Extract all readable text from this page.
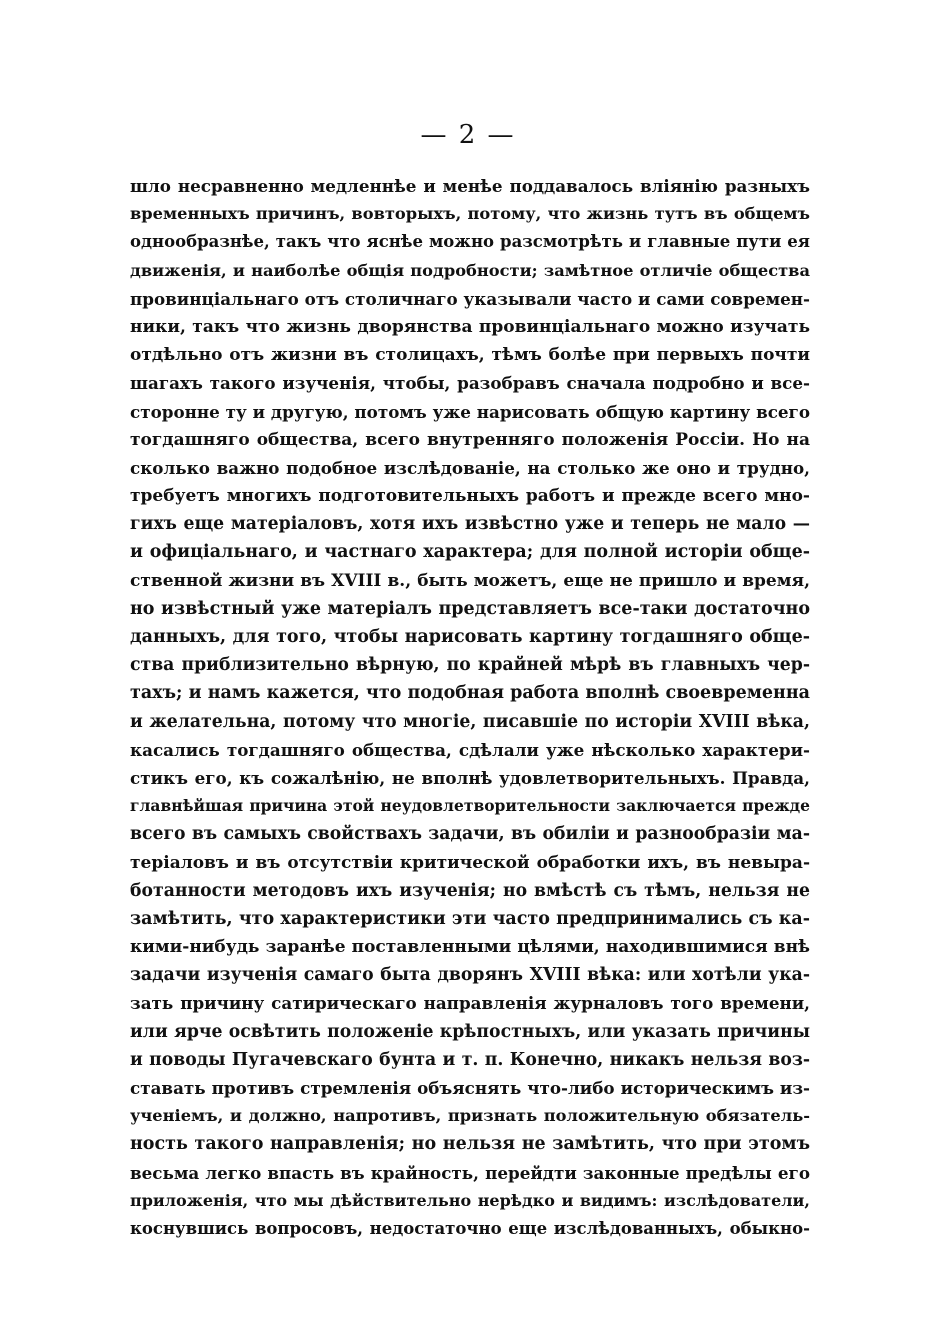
— 2 —
шло несравненно медленнѣе и менѣе поддавалось вліянію разныхъ
временныхъ причинъ, вовторыхъ, потому, что жизнь тутъ въ общемъ
однообразнѣе, такъ что яснѣе можно разсмотрѣть и главные пути ея
движенія, и наиболѣе общія подробности; замѣтное отличіе общества
провинціальнаго отъ столичнаго указывали часто и сами современ-
ники, такъ что жизнь дворянства провинціальнаго можно изучать
отдѣльно отъ жизни въ столицахъ, тѣмъ болѣе при первыхъ почти
шагахъ такого изученія, чтобы, разобравъ сначала подробно и все-
сторонне ту и другую, потомъ уже нарисовать общую картину всего
тогдашняго общества, всего внутренняго положенія Россіи. Но на
сколько важно подобное изслѣдованіе, на столько же оно и трудно,
требуетъ многихъ подготовительныхъ работъ и прежде всего мно-
гихъ еще матеріаловъ, хотя ихъ извѣстно уже и теперь не мало —
и офиціальнаго, и частнаго характера; для полной исторіи обще-
ственной жизни въ XVIII в., быть можетъ, еще не пришло и время,
но извѣстный уже матеріалъ представляетъ все-таки достаточно
данныхъ, для того, чтобы нарисовать картину тогдашняго обще-
ства приблизительно вѣрную, по крайней мѣрѣ въ главныхъ чер-
тахъ; и намъ кажется, что подобная работа вполнѣ своевременна
и желательна, потому что многіе, писавшіе по исторіи XVIII вѣка,
касались тогдашняго общества, сдѣлали уже нѣсколько характери-
стикъ его, къ сожалѣнію, не вполнѣ удовлетворительныхъ. Правда,
главнѣйшая причина этой неудовлетворительности заключается прежде
всего въ самыхъ свойствахъ задачи, въ обиліи и разнообразіи ма-
теріаловъ и въ отсутствіи критической обработки ихъ, въ невыра-
ботанности методовъ ихъ изученія; но вмѣстѣ съ тѣмъ, нельзя не
замѣтить, что характеристики эти часто предпринимались съ ка-
кими-нибудь заранѣе поставленными цѣлями, находившимися внѣ
задачи изученія самаго быта дворянъ XVIII вѣка: или хотѣли ука-
зать причину сатирическаго направленія журналовъ того времени,
или ярче освѣтить положеніе крѣпостныхъ, или указать причины
и поводы Пугачевскаго бунта и т. п. Конечно, никакъ нельзя воз-
ставать противъ стремленія объяснять что-либо историческимъ из-
ученіемъ, и должно, напротивъ, признать положительную обязатель-
ность такого направленія; но нельзя не замѣтить, что при этомъ
весьма легко впасть въ крайность, перейдти законные предѣлы его
приложенія, что мы дѣйствительно нерѣдко и видимъ: изслѣдователи,
коснувшись вопросовъ, недостаточно еще изслѣдованныхъ, обыкно-
